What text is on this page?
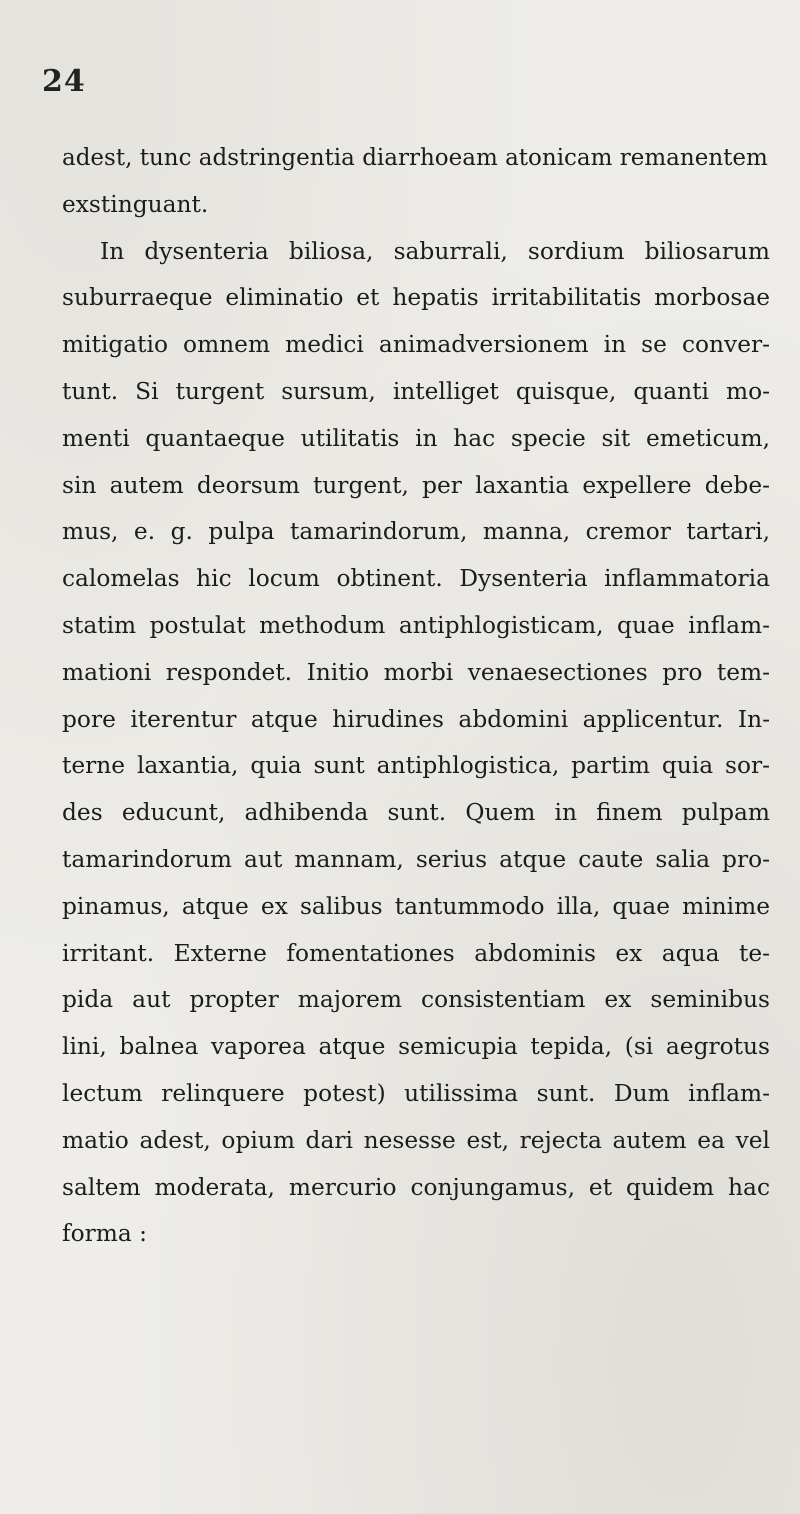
24
adest, tunc adstringentia diarrhoeam atonicam remanentem
exstinguant.
In dysenteria biliosa, saburrali, sordium biliosarum
suburraeque eliminatio et hepatis irritabilitatis morbosae
mitigatio omnem medici animadversionem in se conver-
tunt. Si turgent sursum, intelliget quisque, quanti mo-
menti quantaeque utilitatis in hac specie sit emeticum,
sin autem deorsum turgent, per laxantia expellere debe-
mus, e. g. pulpa tamarindorum, manna, cremor tartari,
calomelas hic locum obtinent. Dysenteria inflammatoria
statim postulat methodum antiphlogisticam, quae inflam-
mationi respondet. Initio morbi venaesectiones pro tem-
pore iterentur atque hirudines abdomini applicentur. In-
terne laxantia, quia sunt antiphlogistica, partim quia sor-
des educunt, adhibenda sunt. Quem in finem pulpam
tamarindorum aut mannam, serius atque caute salia pro-
pinamus, atque ex salibus tantummodo illa, quae minime
irritant. Externe fomentationes abdominis ex aqua te-
pida aut propter majorem consistentiam ex seminibus
lini, balnea vaporea atque semicupia tepida, (si aegrotus
lectum relinquere potest) utilissima sunt. Dum inflam-
matio adest, opium dari nesesse est, rejecta autem ea vel
saltem moderata, mercurio conjungamus, et quidem hac
forma :
